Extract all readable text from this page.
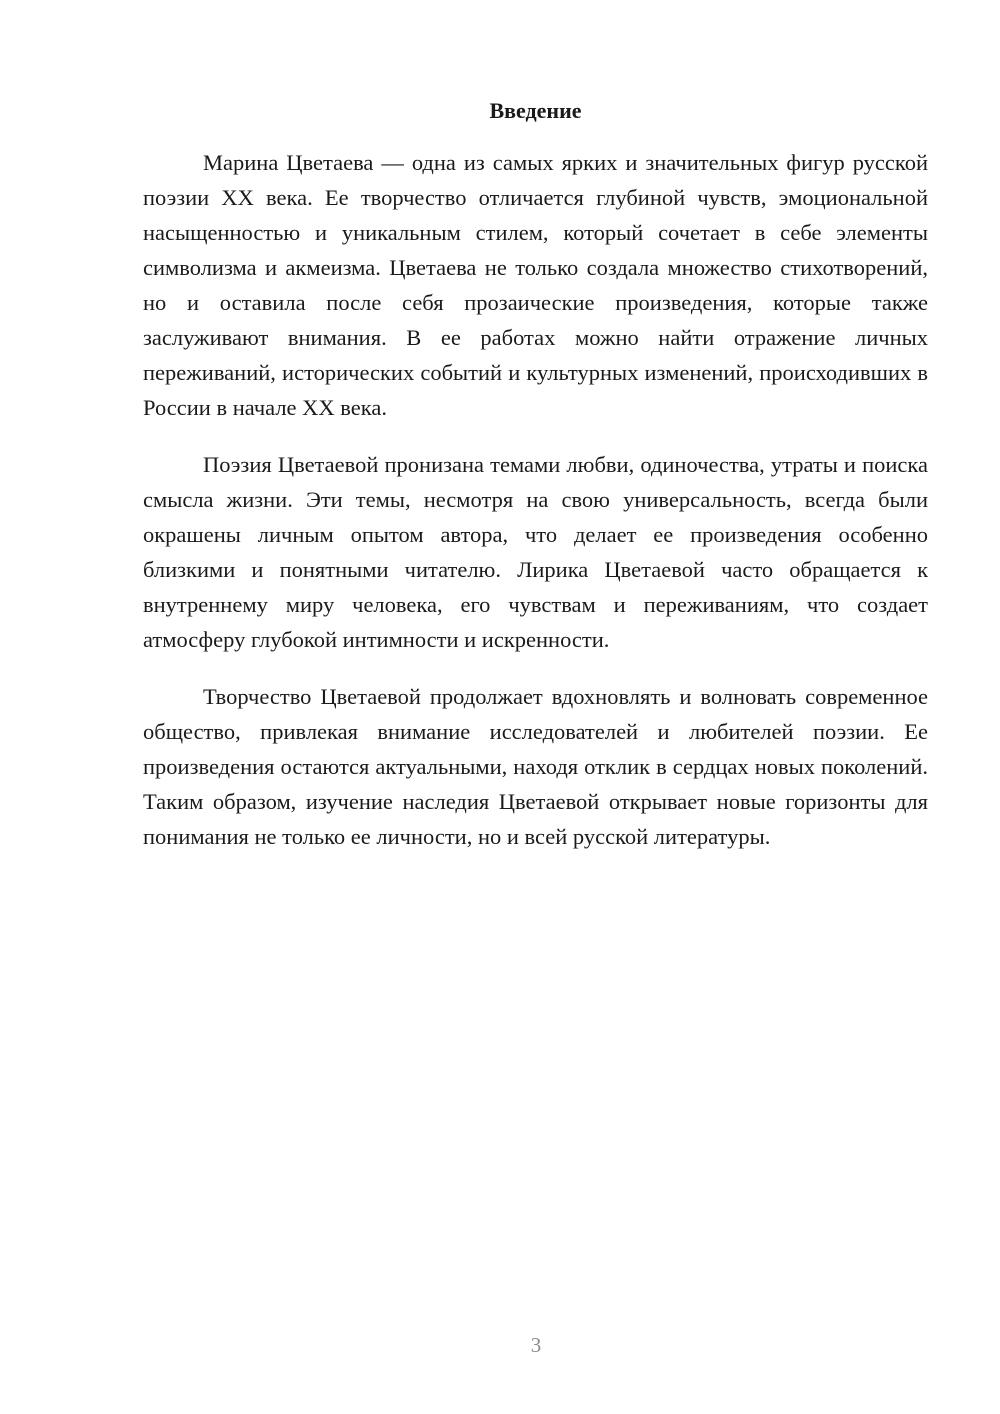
Введение

Марина Цветаева — одна из самых ярких и значительных фигур русской поэзии XX века. Ее творчество отличается глубиной чувств, эмоциональной насыщенностью и уникальным стилем, который сочетает в себе элементы символизма и акмеизма. Цветаева не только создала множество стихотворений, но и оставила после себя прозаические произведения, которые также заслуживают внимания. В ее работах можно найти отражение личных переживаний, исторических событий и культурных изменений, происходивших в России в начале XX века.

Поэзия Цветаевой пронизана темами любви, одиночества, утраты и поиска смысла жизни. Эти темы, несмотря на свою универсальность, всегда были окрашены личным опытом автора, что делает ее произведения особенно близкими и понятными читателю. Лирика Цветаевой часто обращается к внутреннему миру человека, его чувствам и переживаниям, что создает атмосферу глубокой интимности и искренности.

Творчество Цветаевой продолжает вдохновлять и волновать современное общество, привлекая внимание исследователей и любителей поэзии. Ее произведения остаются актуальными, находя отклик в сердцах новых поколений. Таким образом, изучение наследия Цветаевой открывает новые горизонты для понимания не только ее личности, но и всей русской литературы.

3
